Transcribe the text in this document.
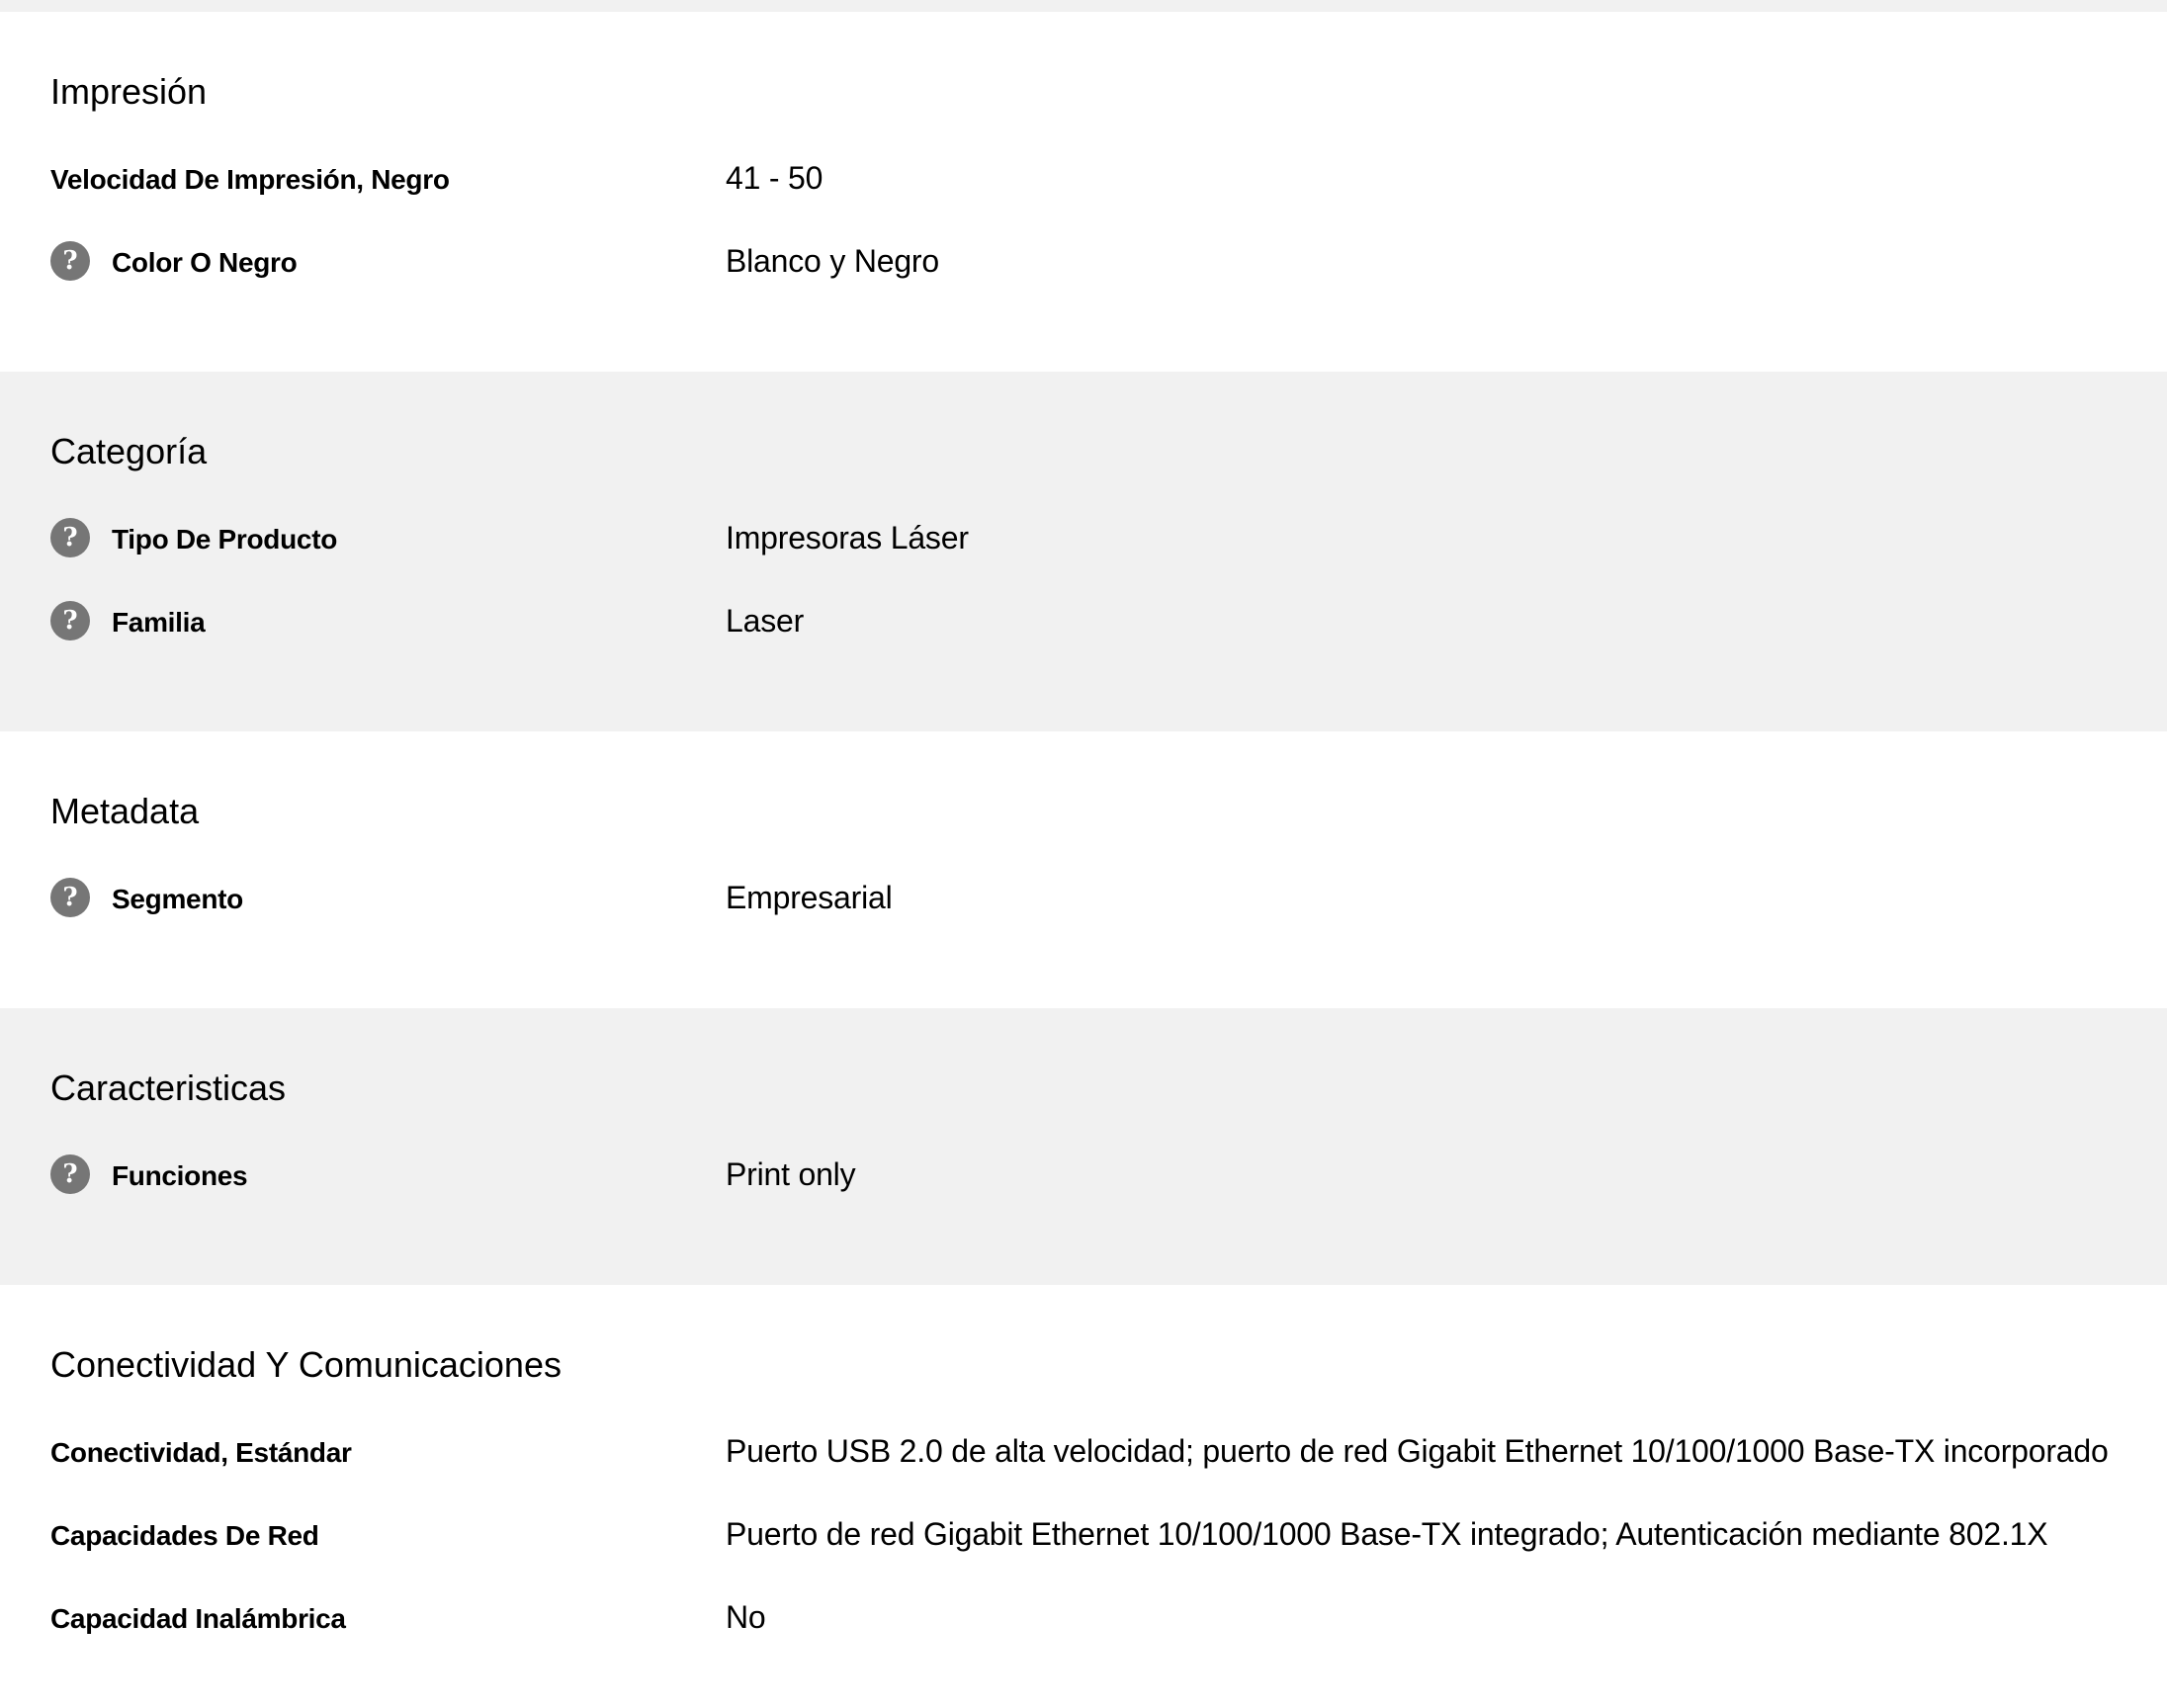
Impresión
Velocidad De Impresión, Negro	41 - 50
?	Color O Negro	Blanco y Negro
Categoría
?	Tipo De Producto	Impresoras Láser
?	Familia	Laser
Metadata
?	Segmento	Empresarial
Caracteristicas
?	Funciones	Print only
Conectividad Y Comunicaciones
Conectividad, Estándar	Puerto USB 2.0 de alta velocidad; puerto de red Gigabit Ethernet 10/100/1000 Base-TX incorporado
Capacidades De Red	Puerto de red Gigabit Ethernet 10/100/1000 Base-TX integrado; Autenticación mediante 802.1X
Capacidad Inalámbrica	No
